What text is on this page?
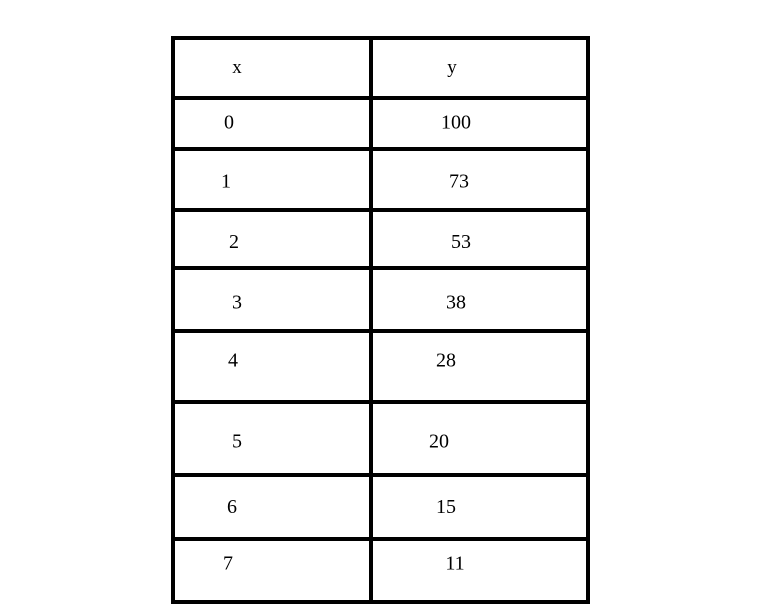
x	y
0	100
1	73
2	53
3	38
4	28
5	20
6	15
7	11
